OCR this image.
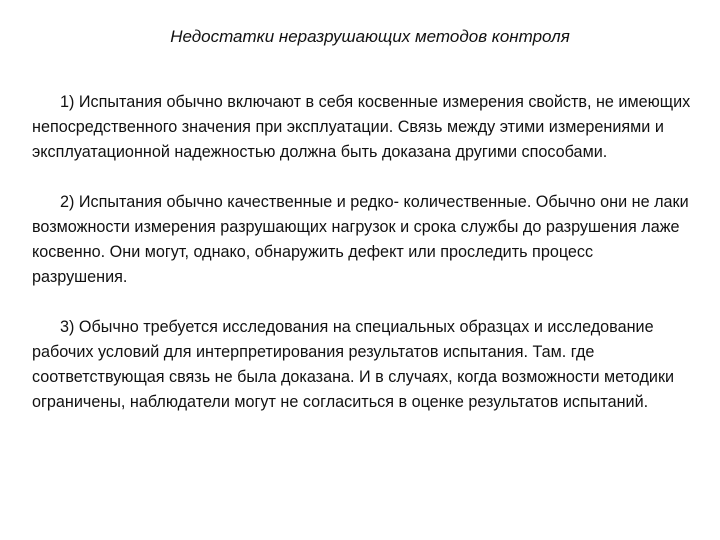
Недостатки неразрушающих методов контроля

1) Испытания обычно включают в себя косвенные измерения свойств, не имеющих непосредственного значения при эксплуатации. Связь между этими измерениями и эксплуатационной надежностью должна быть доказана другими способами.

2) Испытания обычно качественные и редко- количественные. Обычно они не лаки возможности измерения разрушающих нагрузок и срока службы до разрушения лаже косвенно. Они могут, однако, обнаружить дефект или проследить процесс разрушения.

3) Обычно требуется исследования на специальных образцах и исследование рабочих условий для интерпретирования результатов испытания. Там. где соответствующая связь не была доказана. И в случаях, когда возможности методики ограничены, наблюдатели могут не согласиться в оценке результатов испытаний.
